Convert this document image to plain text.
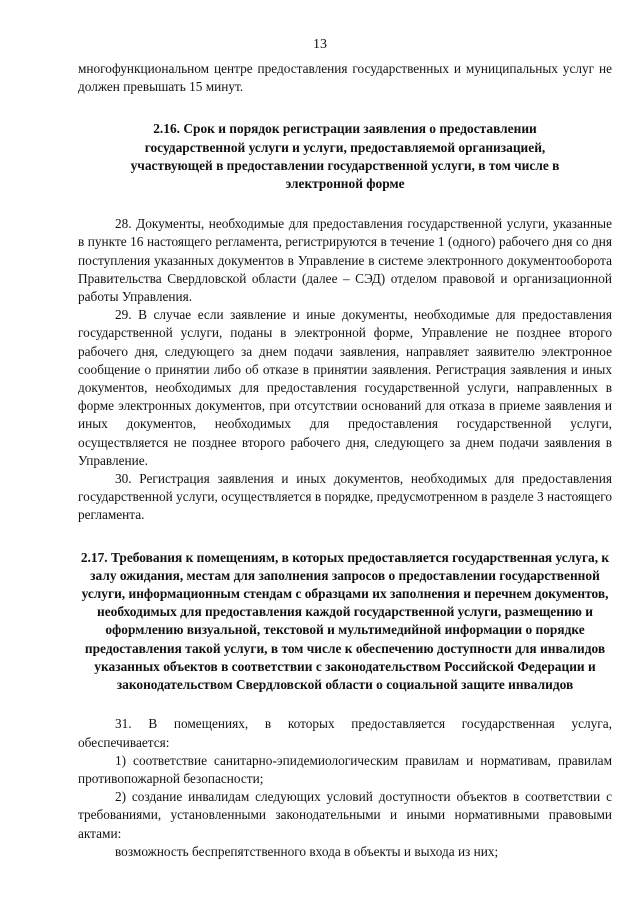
13

многофункциональном центре предоставления государственных и муниципальных услуг не должен превышать 15 минут.

2.16. Срок и порядок регистрации заявления о предоставлении государственной услуги и услуги, предоставляемой организацией, участвующей в предоставлении государственной услуги, в том числе в электронной форме

28. Документы, необходимые для предоставления государственной услуги, указанные в пункте 16 настоящего регламента, регистрируются в течение 1 (одного) рабочего дня со дня поступления указанных документов в Управление в системе электронного документооборота Правительства Свердловской области (далее – СЭД) отделом правовой и организационной работы Управления.

29. В случае если заявление и иные документы, необходимые для предоставления государственной услуги, поданы в электронной форме, Управление не позднее второго рабочего дня, следующего за днем подачи заявления, направляет заявителю электронное сообщение о принятии либо об отказе в принятии заявления. Регистрация заявления и иных документов, необходимых для предоставления государственной услуги, направленных в форме электронных документов, при отсутствии оснований для отказа в приеме заявления и иных документов, необходимых для предоставления государственной услуги, осуществляется не позднее второго рабочего дня, следующего за днем подачи заявления в Управление.

30. Регистрация заявления и иных документов, необходимых для предоставления государственной услуги, осуществляется в порядке, предусмотренном в разделе 3 настоящего регламента.

2.17. Требования к помещениям, в которых предоставляется государственная услуга, к залу ожидания, местам для заполнения запросов о предоставлении государственной услуги, информационным стендам с образцами их заполнения и перечнем документов, необходимых для предоставления каждой государственной услуги, размещению и оформлению визуальной, текстовой и мультимедийной информации о порядке предоставления такой услуги, в том числе к обеспечению доступности для инвалидов указанных объектов в соответствии с законодательством Российской Федерации и законодательством Свердловской области о социальной защите инвалидов

31. В помещениях, в которых предоставляется государственная услуга, обеспечивается:

1) соответствие санитарно-эпидемиологическим правилам и нормативам, правилам противопожарной безопасности;

2) создание инвалидам следующих условий доступности объектов в соответствии с требованиями, установленными законодательными и иными нормативными правовыми актами:

возможность беспрепятственного входа в объекты и выхода из них;
